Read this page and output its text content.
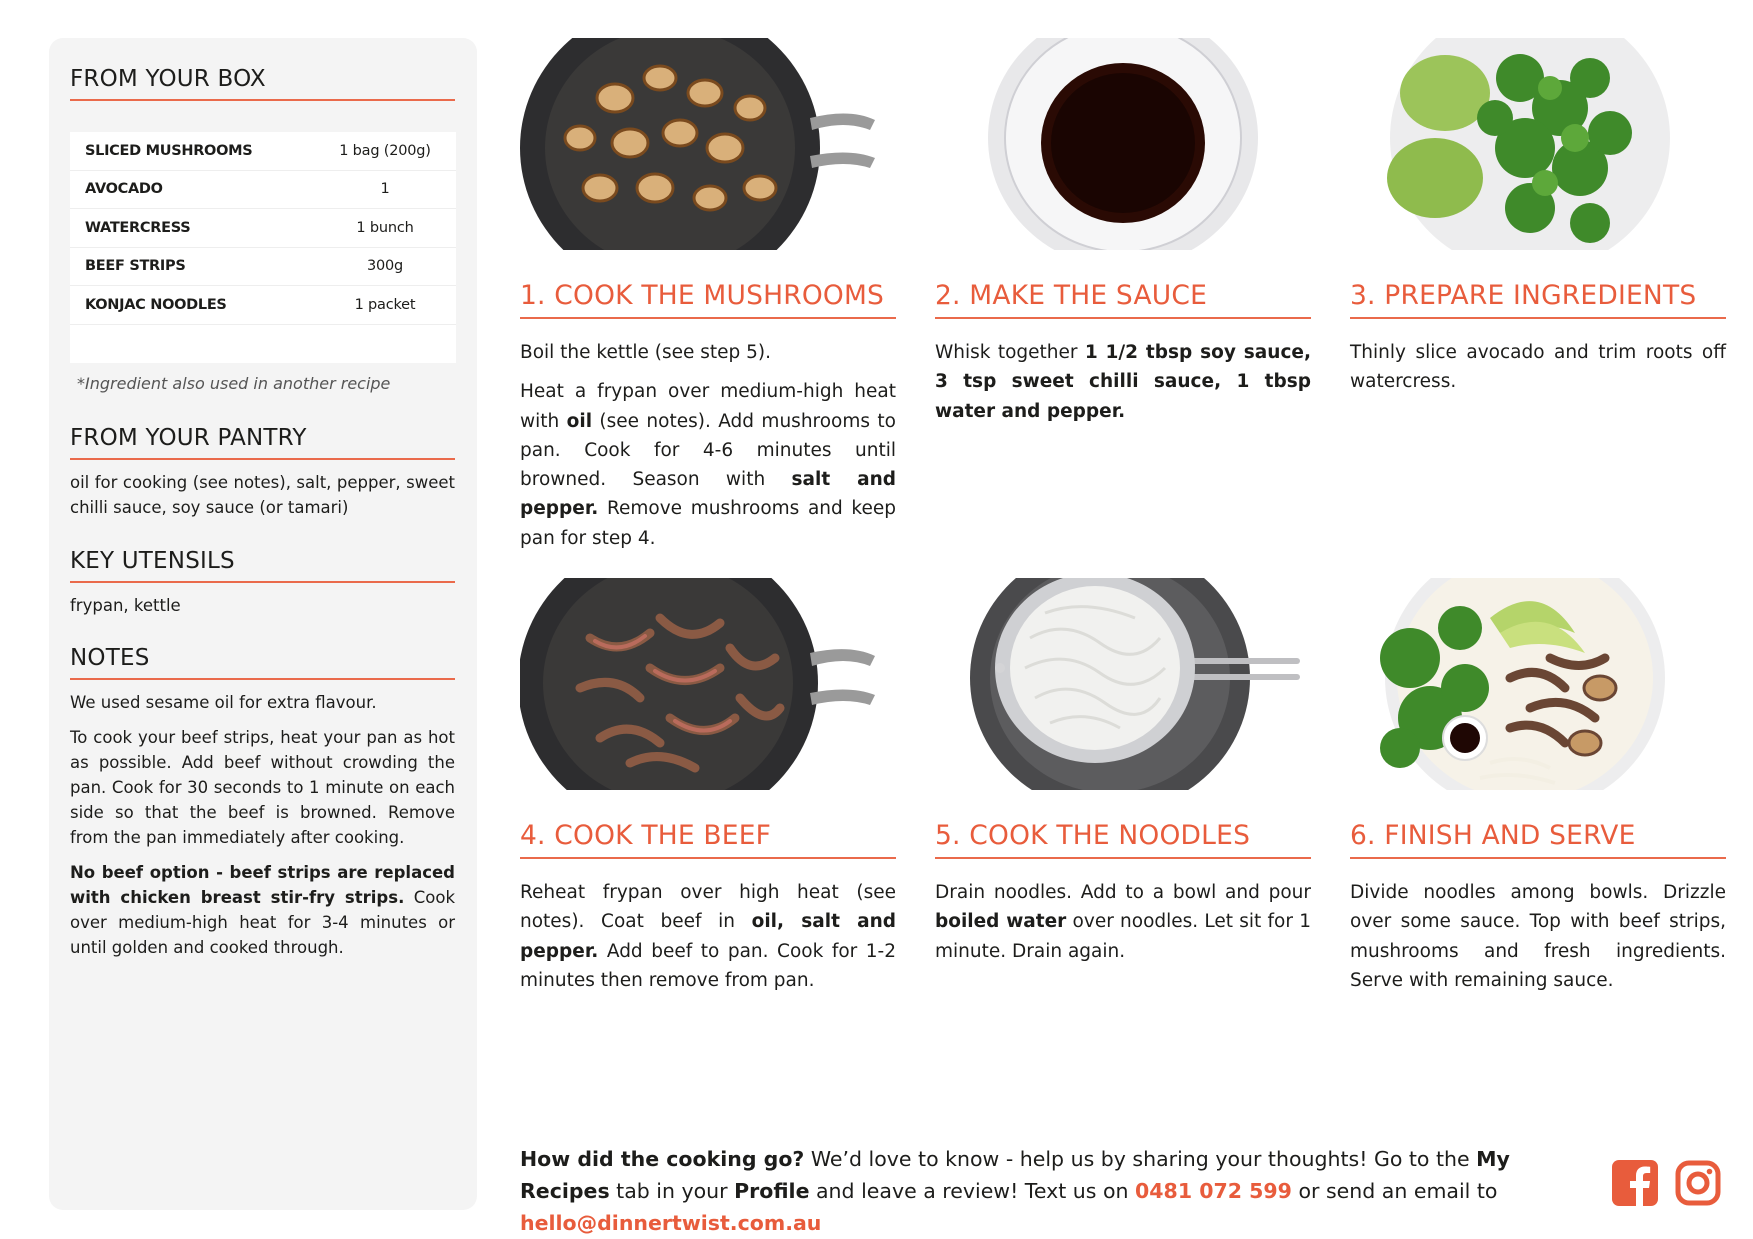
FROM YOUR BOX
SLICED MUSHROOMS	1 bag (200g)
AVOCADO	1
WATERCRESS	1 bunch
BEEF STRIPS	300g
KONJAC NOODLES	1 packet
*Ingredient also used in another recipe
FROM YOUR PANTRY

oil for cooking (see notes), salt, pepper, sweet chilli sauce, soy sauce (or tamari)

KEY UTENSILS

frypan, kettle

NOTES

We used sesame oil for extra flavour.

To cook your beef strips, heat your pan as hot as possible. Add beef without crowding the pan. Cook for 30 seconds to 1 minute on each side so that the beef is browned. Remove from the pan immediately after cooking.

No beef option - beef strips are replaced with chicken breast stir-fry strips. Cook over medium-high heat for 3-4 minutes or until golden and cooked through.

1. COOK THE MUSHROOMS

Boil the kettle (see step 5).

Heat a frypan over medium-high heat with oil (see notes). Add mushrooms to pan. Cook for 4-6 minutes until browned. Season with salt and pepper. Remove mushrooms and keep pan for step 4.

2. MAKE THE SAUCE

Whisk together 1 1/2 tbsp soy sauce, 3 tsp sweet chilli sauce, 1 tbsp water and pepper.

3. PREPARE INGREDIENTS

Thinly slice avocado and trim roots off watercress.

4. COOK THE BEEF

Reheat frypan over high heat (see notes). Coat beef in oil, salt and pepper. Add beef to pan. Cook for 1-2 minutes then remove from pan.

5. COOK THE NOODLES

Drain noodles. Add to a bowl and pour boiled water over noodles. Let sit for 1 minute. Drain again.

6. FINISH AND SERVE

Divide noodles among bowls. Drizzle over some sauce. Top with beef strips, mushrooms and fresh ingredients. Serve with remaining sauce.

How did the cooking go? We’d love to know - help us by sharing your thoughts! Go to the My Recipes tab in your Profile and leave a review! Text us on 0481 072 599 or send an email to hello@dinnertwist.com.au
